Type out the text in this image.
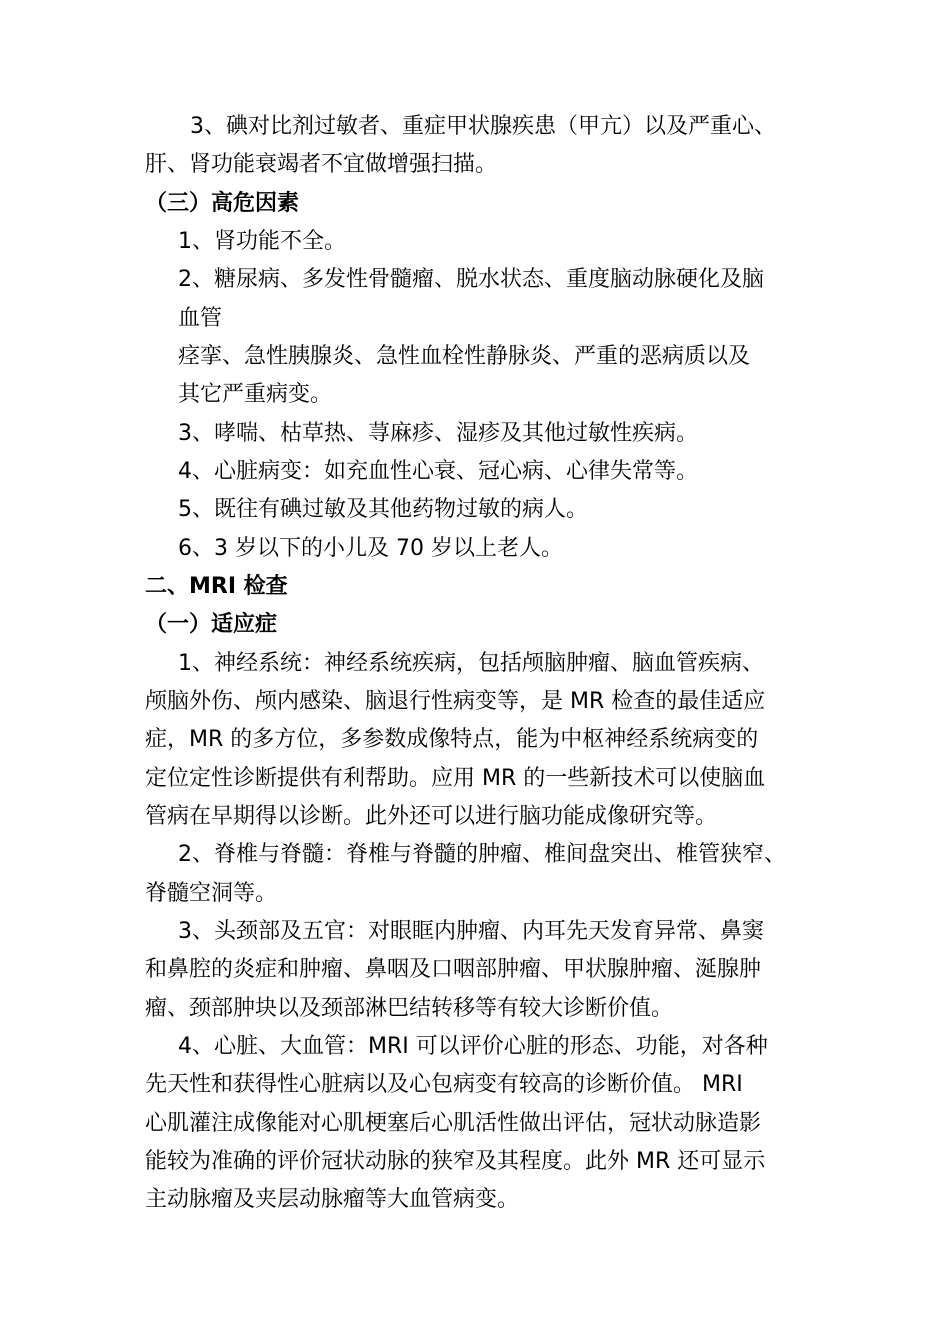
3、碘对比剂过敏者、重症甲状腺疾患（甲亢）以及严重心、
肝、肾功能衰竭者不宜做增强扫描。
（三）高危因素
1、肾功能不全。
2、糖尿病、多发性骨髓瘤、脱水状态、重度脑动脉硬化及脑
血管
痉挛、急性胰腺炎、急性血栓性静脉炎、严重的恶病质以及
其它严重病变。
3、哮喘、枯草热、荨麻疹、湿疹及其他过敏性疾病。
4、心脏病变：如充血性心衰、冠心病、心律失常等。
5、既往有碘过敏及其他药物过敏的病人。
6、3 岁以下的小儿及 70 岁以上老人。
二、MRI 检查
（一）适应症
1、神经系统：神经系统疾病，包括颅脑肿瘤、脑血管疾病、
颅脑外伤、颅内感染、脑退行性病变等，是 MR 检查的最佳适应
症，MR 的多方位，多参数成像特点，能为中枢神经系统病变的
定位定性诊断提供有利帮助。应用 MR 的一些新技术可以使脑血
管病在早期得以诊断。此外还可以进行脑功能成像研究等。
2、脊椎与脊髓：脊椎与脊髓的肿瘤、椎间盘突出、椎管狭窄、
脊髓空洞等。
3、头颈部及五官：对眼眶内肿瘤、内耳先天发育异常、鼻窦
和鼻腔的炎症和肿瘤、鼻咽及口咽部肿瘤、甲状腺肿瘤、涎腺肿
瘤、颈部肿块以及颈部淋巴结转移等有较大诊断价值。
4、心脏、大血管：MRI 可以评价心脏的形态、功能，对各种
先天性和获得性心脏病以及心包病变有较高的诊断价值。 MRI
心肌灌注成像能对心肌梗塞后心肌活性做出评估，冠状动脉造影
能较为准确的评价冠状动脉的狭窄及其程度。此外 MR 还可显示
主动脉瘤及夹层动脉瘤等大血管病变。
